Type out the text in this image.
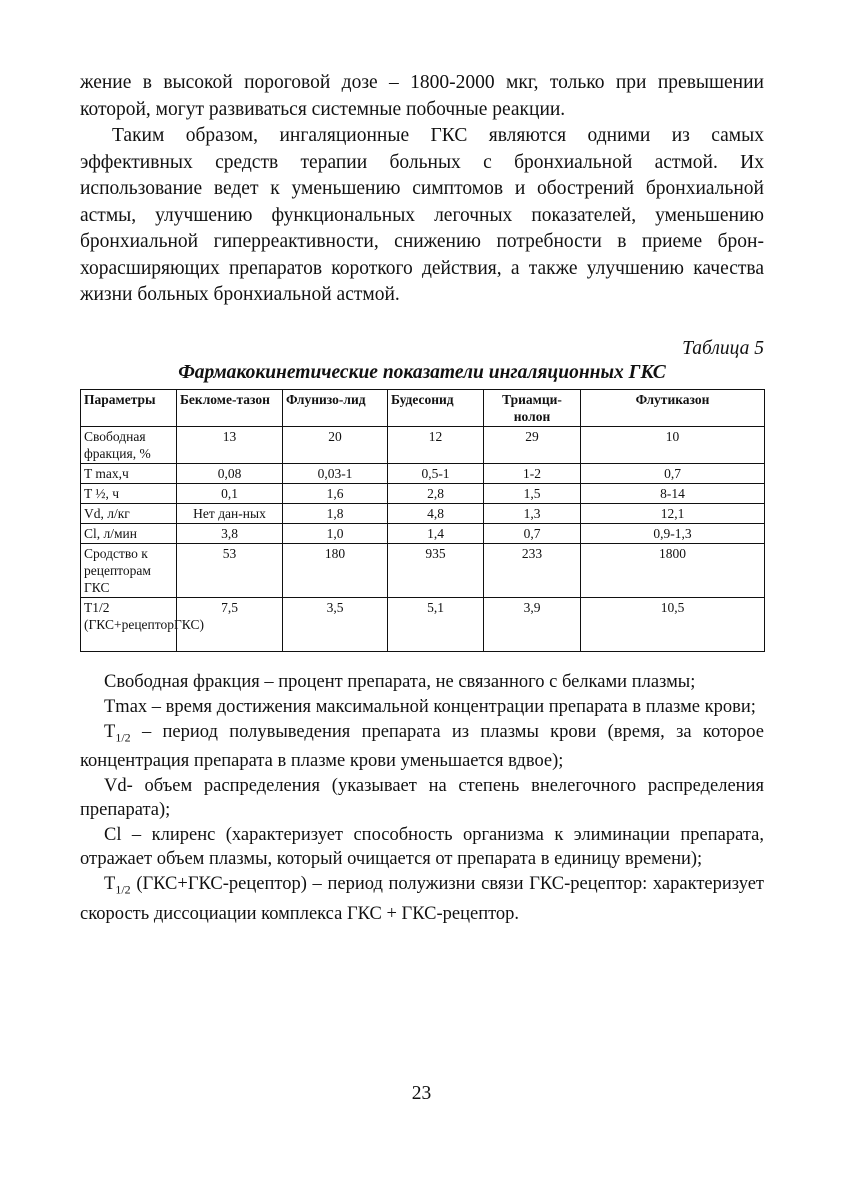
жение в высокой пороговой дозе – 1800-2000 мкг, только при превышении которой, могут развиваться системные побочные реакции.

Таким образом, ингаляционные ГКС являются одними из самых эффективных средств терапии больных с бронхиальной астмой. Их использование ведет к уменьшению симптомов и обострений бронхиальной астмы, улучшению функциональных легочных показателей, уменьшению бронхиальной гиперреактивности, снижению потребности в приеме брон-хорасширяющих препаратов короткого действия, а также улучшению качества жизни больных бронхиальной астмой.

Таблица 5
Фармакокинетические показатели ингаляционных ГКС
Параметры	Бекломе-тазон	Флунизо-лид	Будесонид	Триамци-нолон	Флутиказон
Свободная фракция, %	13	20	12	29	10
T max,ч	0,08	0,03-1	0,5-1	1-2	0,7
T ½, ч	0,1	1,6	2,8	1,5	8-14
Vd, л/кг	Нет дан-ных	1,8	4,8	1,3	12,1
Cl, л/мин	3,8	1,0	1,4	0,7	0,9-1,3
Сродство к рецепторам ГКС	53	180	935	233	1800
T1/2 (ГКС+рецепторГКС)	7,5	3,5	5,1	3,9	10,5

Свободная фракция – процент препарата, не связанного с белками плазмы;

Tmax – время достижения максимальной концентрации препарата в плазме крови;

$T_{1/2}$ – период полувыведения препарата из плазмы крови (время, за которое концентрация препарата в плазме крови уменьшается вдвое);

Vd- объем распределения (указывает на степень внелегочного распределения препарата);

Cl – клиренс (характеризует способность организма к элиминации препарата, отражает объем плазмы, который очищается от препарата в единицу времени);

$T_{1/2}$ (ГКС+ГКС-рецептор) – период полужизни связи ГКС-рецептор: характеризует скорость диссоциации комплекса ГКС + ГКС-рецептор.

23
